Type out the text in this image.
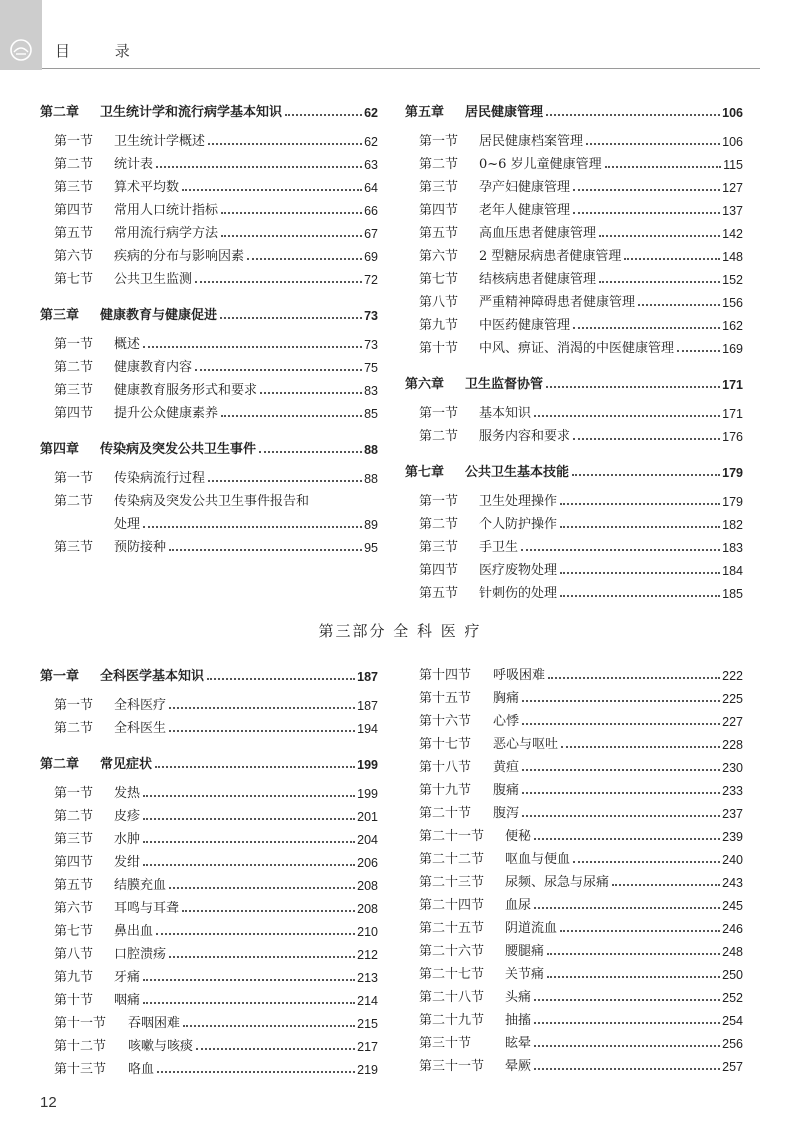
目 录
第二章	卫生统计学和流行病学基本知识	62
第一节	卫生统计学概述	62
第二节	统计表	63
第三节	算术平均数	64
第四节	常用人口统计指标	66
第五节	常用流行病学方法	67
第六节	疾病的分布与影响因素	69
第七节	公共卫生监测	72
第三章	健康教育与健康促进	73
第一节	概述	73
第二节	健康教育内容	75
第三节	健康教育服务形式和要求	83
第四节	提升公众健康素养	85
第四章	传染病及突发公共卫生事件	88
第一节	传染病流行过程	88
第二节	传染病及突发公共卫生事件报告和
处理	89
第三节	预防接种	95
第五章	居民健康管理	106
第一节	居民健康档案管理	106
第二节	0~6 岁儿童健康管理	115
第三节	孕产妇健康管理	127
第四节	老年人健康管理	137
第五节	高血压患者健康管理	142
第六节	2 型糖尿病患者健康管理	148
第七节	结核病患者健康管理	152
第八节	严重精神障碍患者健康管理	156
第九节	中医药健康管理	162
第十节	中风、痹证、消渴的中医健康管理	169
第六章	卫生监督协管	171
第一节	基本知识	171
第二节	服务内容和要求	176
第七章	公共卫生基本技能	179
第一节	卫生处理操作	179
第二节	个人防护操作	182
第三节	手卫生	183
第四节	医疗废物处理	184
第五节	针刺伤的处理	185
第三部分 全 科 医 疗
第一章	全科医学基本知识	187
第一节	全科医疗	187
第二节	全科医生	194
第二章	常见症状	199
第一节	发热	199
第二节	皮疹	201
第三节	水肿	204
第四节	发绀	206
第五节	结膜充血	208
第六节	耳鸣与耳聋	208
第七节	鼻出血	210
第八节	口腔溃疡	212
第九节	牙痛	213
第十节	咽痛	214
第十一节	吞咽困难	215
第十二节	咳嗽与咳痰	217
第十三节	咯血	219
第十四节	呼吸困难	222
第十五节	胸痛	225
第十六节	心悸	227
第十七节	恶心与呕吐	228
第十八节	黄疸	230
第十九节	腹痛	233
第二十节	腹泻	237
第二十一节	便秘	239
第二十二节	呕血与便血	240
第二十三节	尿频、尿急与尿痛	243
第二十四节	血尿	245
第二十五节	阴道流血	246
第二十六节	腰腿痛	248
第二十七节	关节痛	250
第二十八节	头痛	252
第二十九节	抽搐	254
第三十节	眩晕	256
第三十一节	晕厥	257
12
